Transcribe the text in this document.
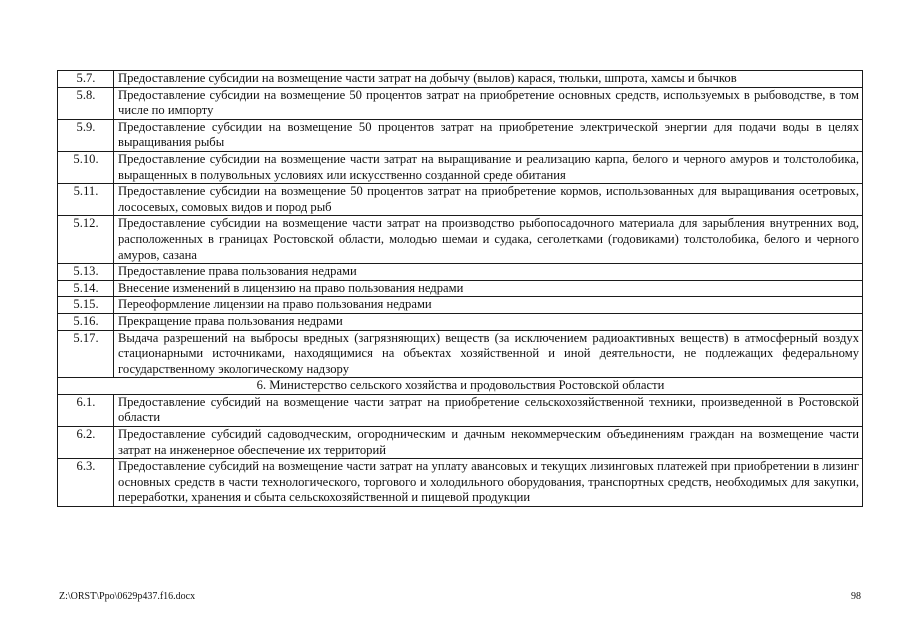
5.7.	Предоставление субсидии на возмещение части затрат на добычу (вылов) карася, тюльки, шпрота, хамсы и бычков
5.8.	Предоставление субсидии на возмещение 50 процентов затрат на приобретение основных средств, используемых в рыбоводстве, в том числе по импорту
5.9.	Предоставление субсидии на возмещение 50 процентов затрат на приобретение электрической энергии для подачи воды в целях выращивания рыбы
5.10.	Предоставление субсидии на возмещение части затрат на выращивание и реализацию карпа, белого и черного амуров и толстолобика, выращенных в полувольных условиях или искусственно созданной среде обитания
5.11.	Предоставление субсидии на возмещение 50 процентов затрат на приобретение кормов, использованных для выращивания осетровых, лососевых, сомовых видов и пород рыб
5.12.	Предоставление субсидии на возмещение части затрат на производство рыбопосадочного материала для зарыбления внутренних вод, расположенных в границах Ростовской области, молодью шемаи и судака, сеголетками (годовиками) толстолобика, белого и черного амуров, сазана
5.13.	Предоставление права пользования недрами
5.14.	Внесение изменений в лицензию на право пользования недрами
5.15.	Переоформление лицензии на право пользования недрами
5.16.	Прекращение права пользования недрами
5.17.	Выдача разрешений на выбросы вредных (загрязняющих) веществ (за исключением радиоактивных веществ) в атмосферный воздух стационарными источниками, находящимися на объектах хозяйственной и иной деятельности, не подлежащих федеральному государственному экологическому надзору
6. Министерство сельского хозяйства и продовольствия Ростовской области	
6.1.	Предоставление субсидий на возмещение части затрат на приобретение сельскохозяйственной техники, произведенной в Ростовской области
6.2.	Предоставление субсидий садоводческим, огородническим и дачным некоммерческим объединениям граждан на возмещение части затрат на инженерное обеспечение их территорий
6.3.	Предоставление субсидий на возмещение части затрат на уплату авансовых и текущих лизинговых платежей при приобретении в лизинг основных средств в части технологического, торгового и холодильного оборудования, транспортных средств, необходимых для закупки, переработки, хранения и сбыта сельскохозяйственной и пищевой продукции
Z:\ORST\Ppo\0629p437.f16.docx	98
